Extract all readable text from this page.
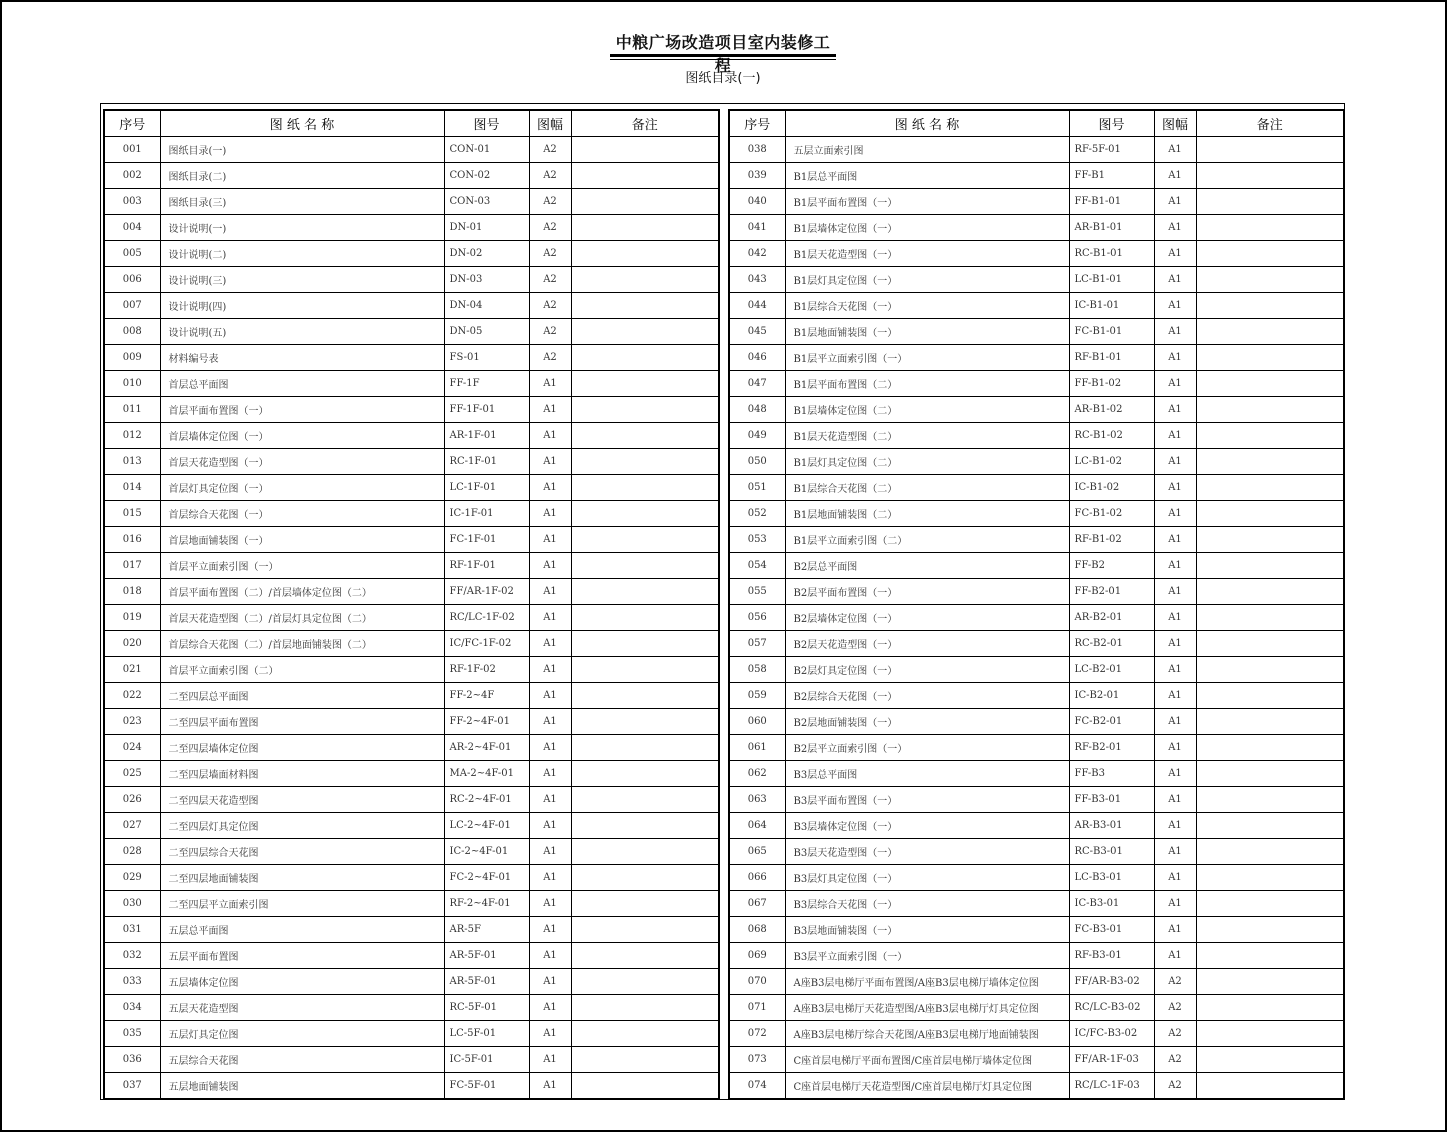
中粮广场改造项目室内装修工程
图纸目录(一)
序号	图 纸 名 称	图号	图幅	备注
001	图纸目录(一)	CON-01	A2	
002	图纸目录(二)	CON-02	A2	
003	图纸目录(三)	CON-03	A2	
004	设计说明(一)	DN-01	A2	
005	设计说明(二)	DN-02	A2	
006	设计说明(三)	DN-03	A2	
007	设计说明(四)	DN-04	A2	
008	设计说明(五)	DN-05	A2	
009	材料编号表	FS-01	A2	
010	首层总平面图	FF-1F	A1	
011	首层平面布置图（一）	FF-1F-01	A1	
012	首层墙体定位图（一）	AR-1F-01	A1	
013	首层天花造型图（一）	RC-1F-01	A1	
014	首层灯具定位图（一）	LC-1F-01	A1	
015	首层综合天花图（一）	IC-1F-01	A1	
016	首层地面铺装图（一）	FC-1F-01	A1	
017	首层平立面索引图（一）	RF-1F-01	A1	
018	首层平面布置图（二）/首层墙体定位图（二）	FF/AR-1F-02	A1	
019	首层天花造型图（二）/首层灯具定位图（二）	RC/LC-1F-02	A1	
020	首层综合天花图（二）/首层地面铺装图（二）	IC/FC-1F-02	A1	
021	首层平立面索引图（二）	RF-1F-02	A1	
022	二至四层总平面图	FF-2~4F	A1	
023	二至四层平面布置图	FF-2~4F-01	A1	
024	二至四层墙体定位图	AR-2~4F-01	A1	
025	二至四层墙面材料图	MA-2~4F-01	A1	
026	二至四层天花造型图	RC-2~4F-01	A1	
027	二至四层灯具定位图	LC-2~4F-01	A1	
028	二至四层综合天花图	IC-2~4F-01	A1	
029	二至四层地面铺装图	FC-2~4F-01	A1	
030	二至四层平立面索引图	RF-2~4F-01	A1	
031	五层总平面图	AR-5F	A1	
032	五层平面布置图	AR-5F-01	A1	
033	五层墙体定位图	AR-5F-01	A1	
034	五层天花造型图	RC-5F-01	A1	
035	五层灯具定位图	LC-5F-01	A1	
036	五层综合天花图	IC-5F-01	A1	
037	五层地面铺装图	FC-5F-01	A1	
序号	图 纸 名 称	图号	图幅	备注
038	五层立面索引图	RF-5F-01	A1	
039	B1层总平面图	FF-B1	A1	
040	B1层平面布置图（一）	FF-B1-01	A1	
041	B1层墙体定位图（一）	AR-B1-01	A1	
042	B1层天花造型图（一）	RC-B1-01	A1	
043	B1层灯具定位图（一）	LC-B1-01	A1	
044	B1层综合天花图（一）	IC-B1-01	A1	
045	B1层地面铺装图（一）	FC-B1-01	A1	
046	B1层平立面索引图（一）	RF-B1-01	A1	
047	B1层平面布置图（二）	FF-B1-02	A1	
048	B1层墙体定位图（二）	AR-B1-02	A1	
049	B1层天花造型图（二）	RC-B1-02	A1	
050	B1层灯具定位图（二）	LC-B1-02	A1	
051	B1层综合天花图（二）	IC-B1-02	A1	
052	B1层地面铺装图（二）	FC-B1-02	A1	
053	B1层平立面索引图（二）	RF-B1-02	A1	
054	B2层总平面图	FF-B2	A1	
055	B2层平面布置图（一）	FF-B2-01	A1	
056	B2层墙体定位图（一）	AR-B2-01	A1	
057	B2层天花造型图（一）	RC-B2-01	A1	
058	B2层灯具定位图（一）	LC-B2-01	A1	
059	B2层综合天花图（一）	IC-B2-01	A1	
060	B2层地面铺装图（一）	FC-B2-01	A1	
061	B2层平立面索引图（一）	RF-B2-01	A1	
062	B3层总平面图	FF-B3	A1	
063	B3层平面布置图（一）	FF-B3-01	A1	
064	B3层墙体定位图（一）	AR-B3-01	A1	
065	B3层天花造型图（一）	RC-B3-01	A1	
066	B3层灯具定位图（一）	LC-B3-01	A1	
067	B3层综合天花图（一）	IC-B3-01	A1	
068	B3层地面铺装图（一）	FC-B3-01	A1	
069	B3层平立面索引图（一）	RF-B3-01	A1	
070	A座B3层电梯厅平面布置图/A座B3层电梯厅墙体定位图	FF/AR-B3-02	A2	
071	A座B3层电梯厅天花造型图/A座B3层电梯厅灯具定位图	RC/LC-B3-02	A2	
072	A座B3层电梯厅综合天花图/A座B3层电梯厅地面铺装图	IC/FC-B3-02	A2	
073	C座首层电梯厅平面布置图/C座首层电梯厅墙体定位图	FF/AR-1F-03	A2	
074	C座首层电梯厅天花造型图/C座首层电梯厅灯具定位图	RC/LC-1F-03	A2	
